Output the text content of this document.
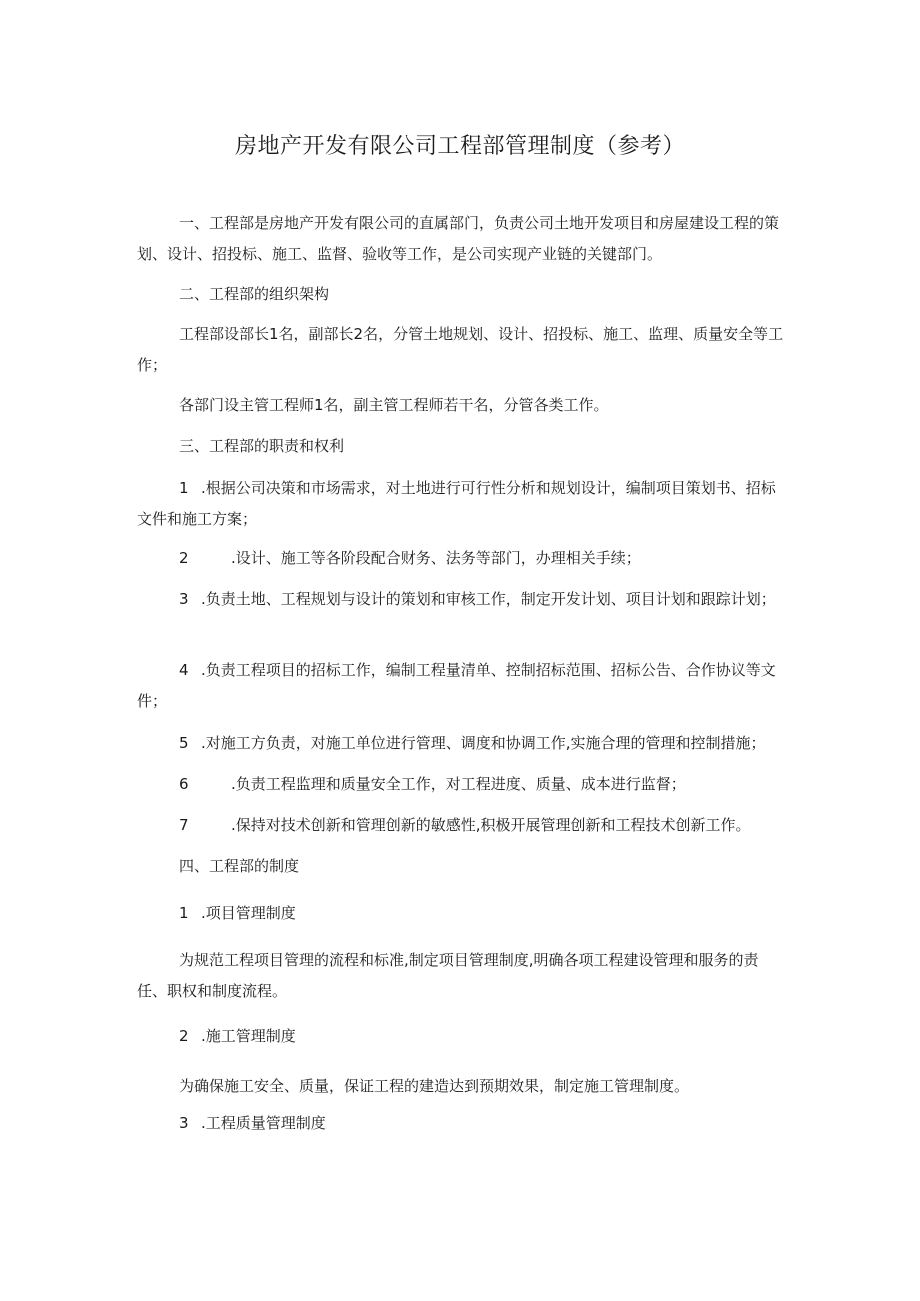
房地产开发有限公司工程部管理制度（参考）

一、工程部是房地产开发有限公司的直属部门，负责公司土地开发项目和房屋建设工程的策划、设计、招投标、施工、监督、验收等工作，是公司实现产业链的关键部门。

二、工程部的组织架构

工程部设部长1名，副部长2名，分管土地规划、设计、招投标、施工、监理、质量安全等工作；

各部门设主管工程师1名，副主管工程师若干名，分管各类工作。
三、工程部的职责和权利
1 .根据公司决策和市场需求，对土地进行可行性分析和规划设计，编制项目策划书、招标文件和施工方案；
2	.设计、施工等各阶段配合财务、法务等部门，办理相关手续；
3 .负责土地、工程规划与设计的策划和审核工作，制定开发计划、项目计划和跟踪计划；
4 .负责工程项目的招标工作，编制工程量清单、控制招标范围、招标公告、合作协议等文件；
5 .对施工方负责，对施工单位进行管理、调度和协调工作,实施合理的管理和控制措施；
6	.负责工程监理和质量安全工作，对工程进度、质量、成本进行监督；
7	.保持对技术创新和管理创新的敏感性,积极开展管理创新和工程技术创新工作。
四、工程部的制度
1 .项目管理制度

为规范工程项目管理的流程和标准,制定项目管理制度,明确各项工程建设管理和服务的责任、职权和制度流程。

2 .施工管理制度
为确保施工安全、质量，保证工程的建造达到预期效果，制定施工管理制度。
3 .工程质量管理制度
